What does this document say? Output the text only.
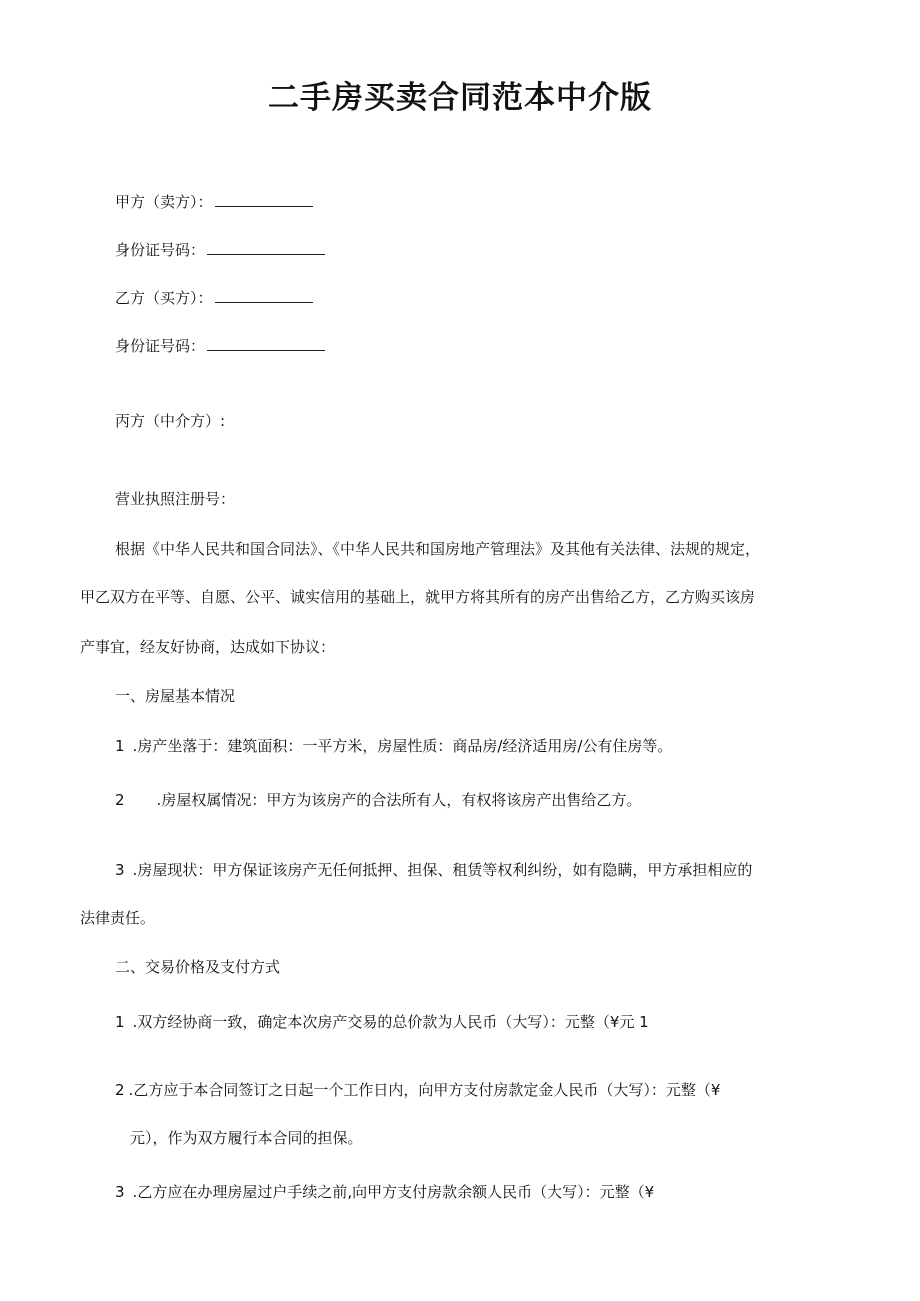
二手房买卖合同范本中介版
甲方（卖方）：
身份证号码：
乙方（买方）：
身份证号码：
丙方（中介方）:
营业执照注册号：
根据《中华人民共和国合同法》、《中华人民共和国房地产管理法》及其他有关法律、法规的规定，
甲乙双方在平等、自愿、公平、诚实信用的基础上，就甲方将其所有的房产出售给乙方，乙方购买该房
产事宜，经友好协商，达成如下协议：
一、房屋基本情况
1 .房产坐落于：建筑面积：一平方米，房屋性质：商品房/经济适用房/公有住房等。
2 .房屋权属情况：甲方为该房产的合法所有人，有权将该房产出售给乙方。
3 .房屋现状：甲方保证该房产无任何抵押、担保、租赁等权利纠纷，如有隐瞒，甲方承担相应的
法律责任。
二、交易价格及支付方式
1 .双方经协商一致，确定本次房产交易的总价款为人民币（大写）：元整（¥元 1
2 .乙方应于本合同签订之日起一个工作日内，向甲方支付房款定金人民币（大写）：元整（¥
元），作为双方履行本合同的担保。
3 .乙方应在办理房屋过户手续之前,向甲方支付房款余额人民币（大写）：元整（¥
